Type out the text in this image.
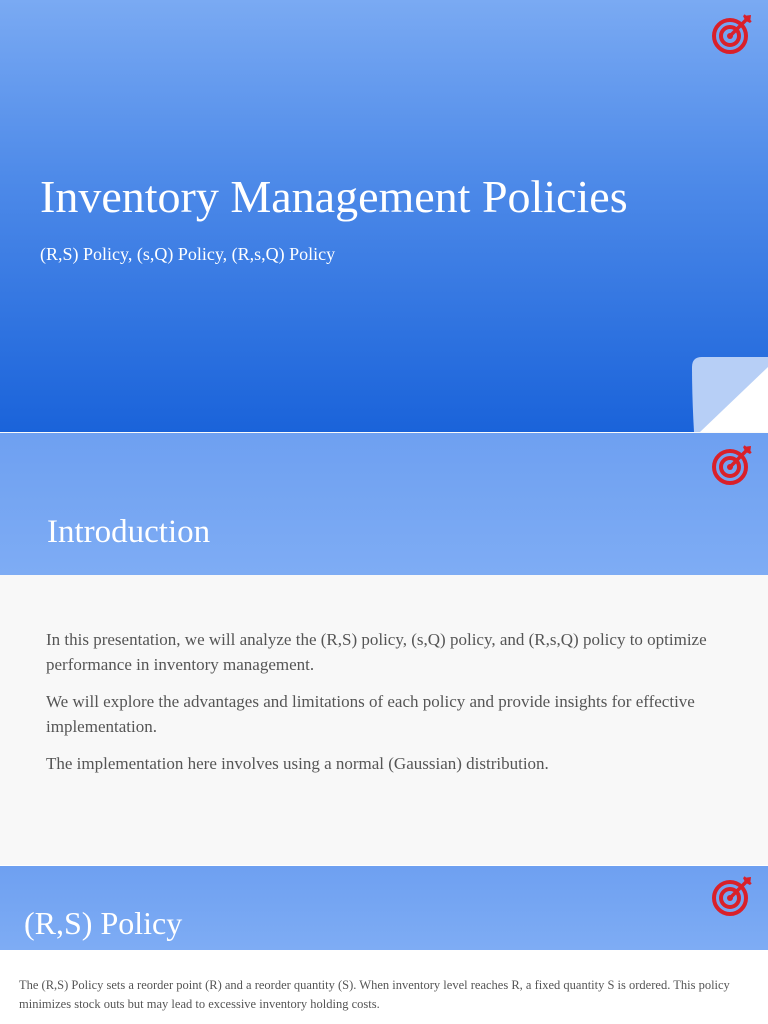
Inventory Management Policies
(R,S) Policy, (s,Q) Policy, (R,s,Q) Policy
Introduction

In this presentation, we will analyze the (R,S) policy, (s,Q) policy, and (R,s,Q) policy to optimize performance in inventory management.

We will explore the advantages and limitations of each policy and provide insights for effective implementation.

The implementation here involves using a normal (Gaussian) distribution.

(R,S) Policy

The (R,S) Policy sets a reorder point (R) and a reorder quantity (S). When inventory level reaches R, a fixed quantity S is ordered. This policy minimizes stock outs but may lead to excessive inventory holding costs.
